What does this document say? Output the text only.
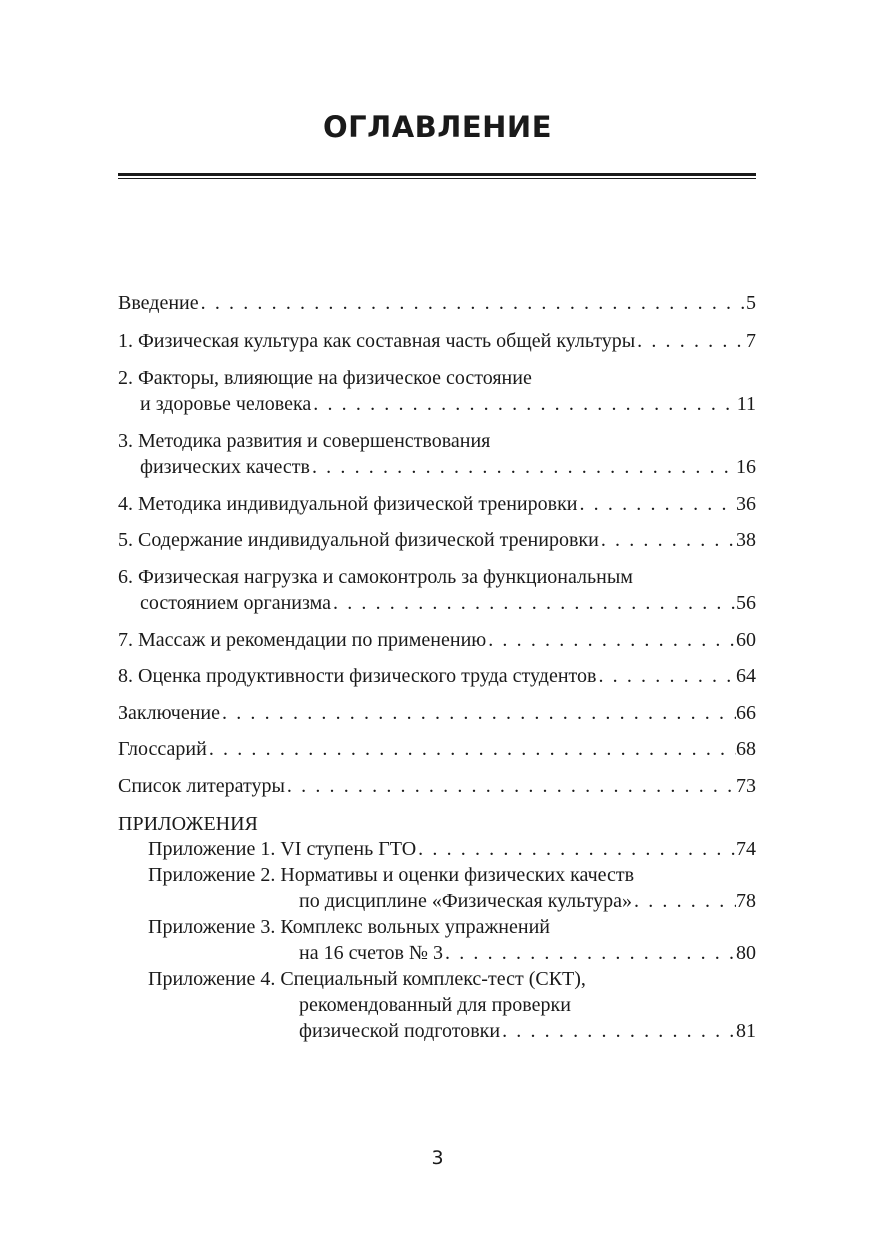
ОГЛАВЛЕНИЕ
Введение . . .	5
1. Физическая культура как составная часть общей культуры . . .	7
2. Факторы, влияющие на физическое состояние
и здоровье человека . . .	11
3. Методика развития и совершенствования
физических качеств . . .	16
4. Методика индивидуальной физической тренировки . . .	36
5. Содержание индивидуальной физической тренировки . . .	38
6. Физическая нагрузка и самоконтроль за функциональным
состоянием организма . . .	56
7. Массаж и рекомендации по применению . . .	60
8. Оценка продуктивности физического труда студентов . . .	64
Заключение . . .	66
Глоссарий . . .	68
Список литературы . . .	73
ПРИЛОЖЕНИЯ
Приложение 1. VI ступень ГТО . . .	74
Приложение 2. Нормативы и оценки физических качеств
по дисциплине «Физическая культура» . . .	78
Приложение 3. Комплекс вольных упражнений
на 16 счетов № 3 . . .	80
Приложение 4. Специальный комплекс-тест (СКТ),
рекомендованный для проверки
физической подготовки . . .	81
3
